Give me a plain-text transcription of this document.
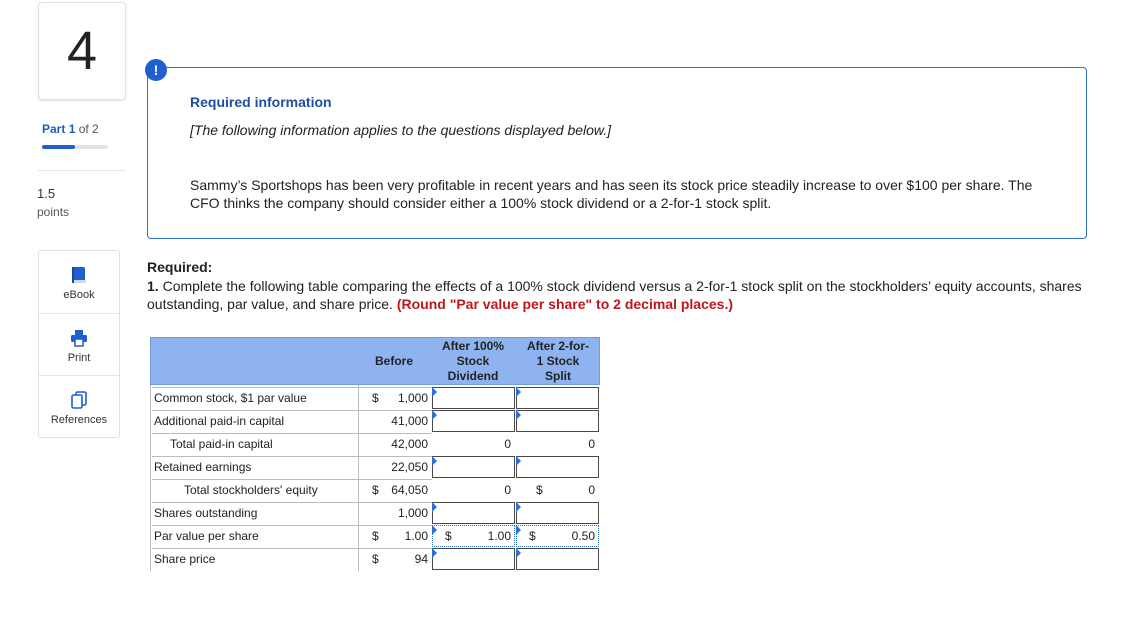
4
Part 1 of 2
1.5
points
eBook
Print
References
!
Required information
[The following information applies to the questions displayed below.]
Sammy’s Sportshops has been very profitable in recent years and has seen its stock price steadily increase to over $100 per share. The CFO thinks the company should consider either a 100% stock dividend or a 2-for-1 stock split.
Required:
1. Complete the following table comparing the effects of a 100% stock dividend versus a 2-for-1 stock split on the stockholders’ equity accounts, shares outstanding, par value, and share price. (Round "Par value per share" to 2 decimal places.)
Before
After 100% Stock Dividend
After 2-for-1 Stock Split
Common stock, $1 par value	$ 1,000
Additional paid-in capital	41,000
Total paid-in capital	42,000	0	0
Retained earnings	22,050
Total stockholders' equity	$ 64,050	0	$	0
Shares outstanding	1,000
Par value per share	$ 1.00 $	1.00	$	0.50
Share price	$	94
